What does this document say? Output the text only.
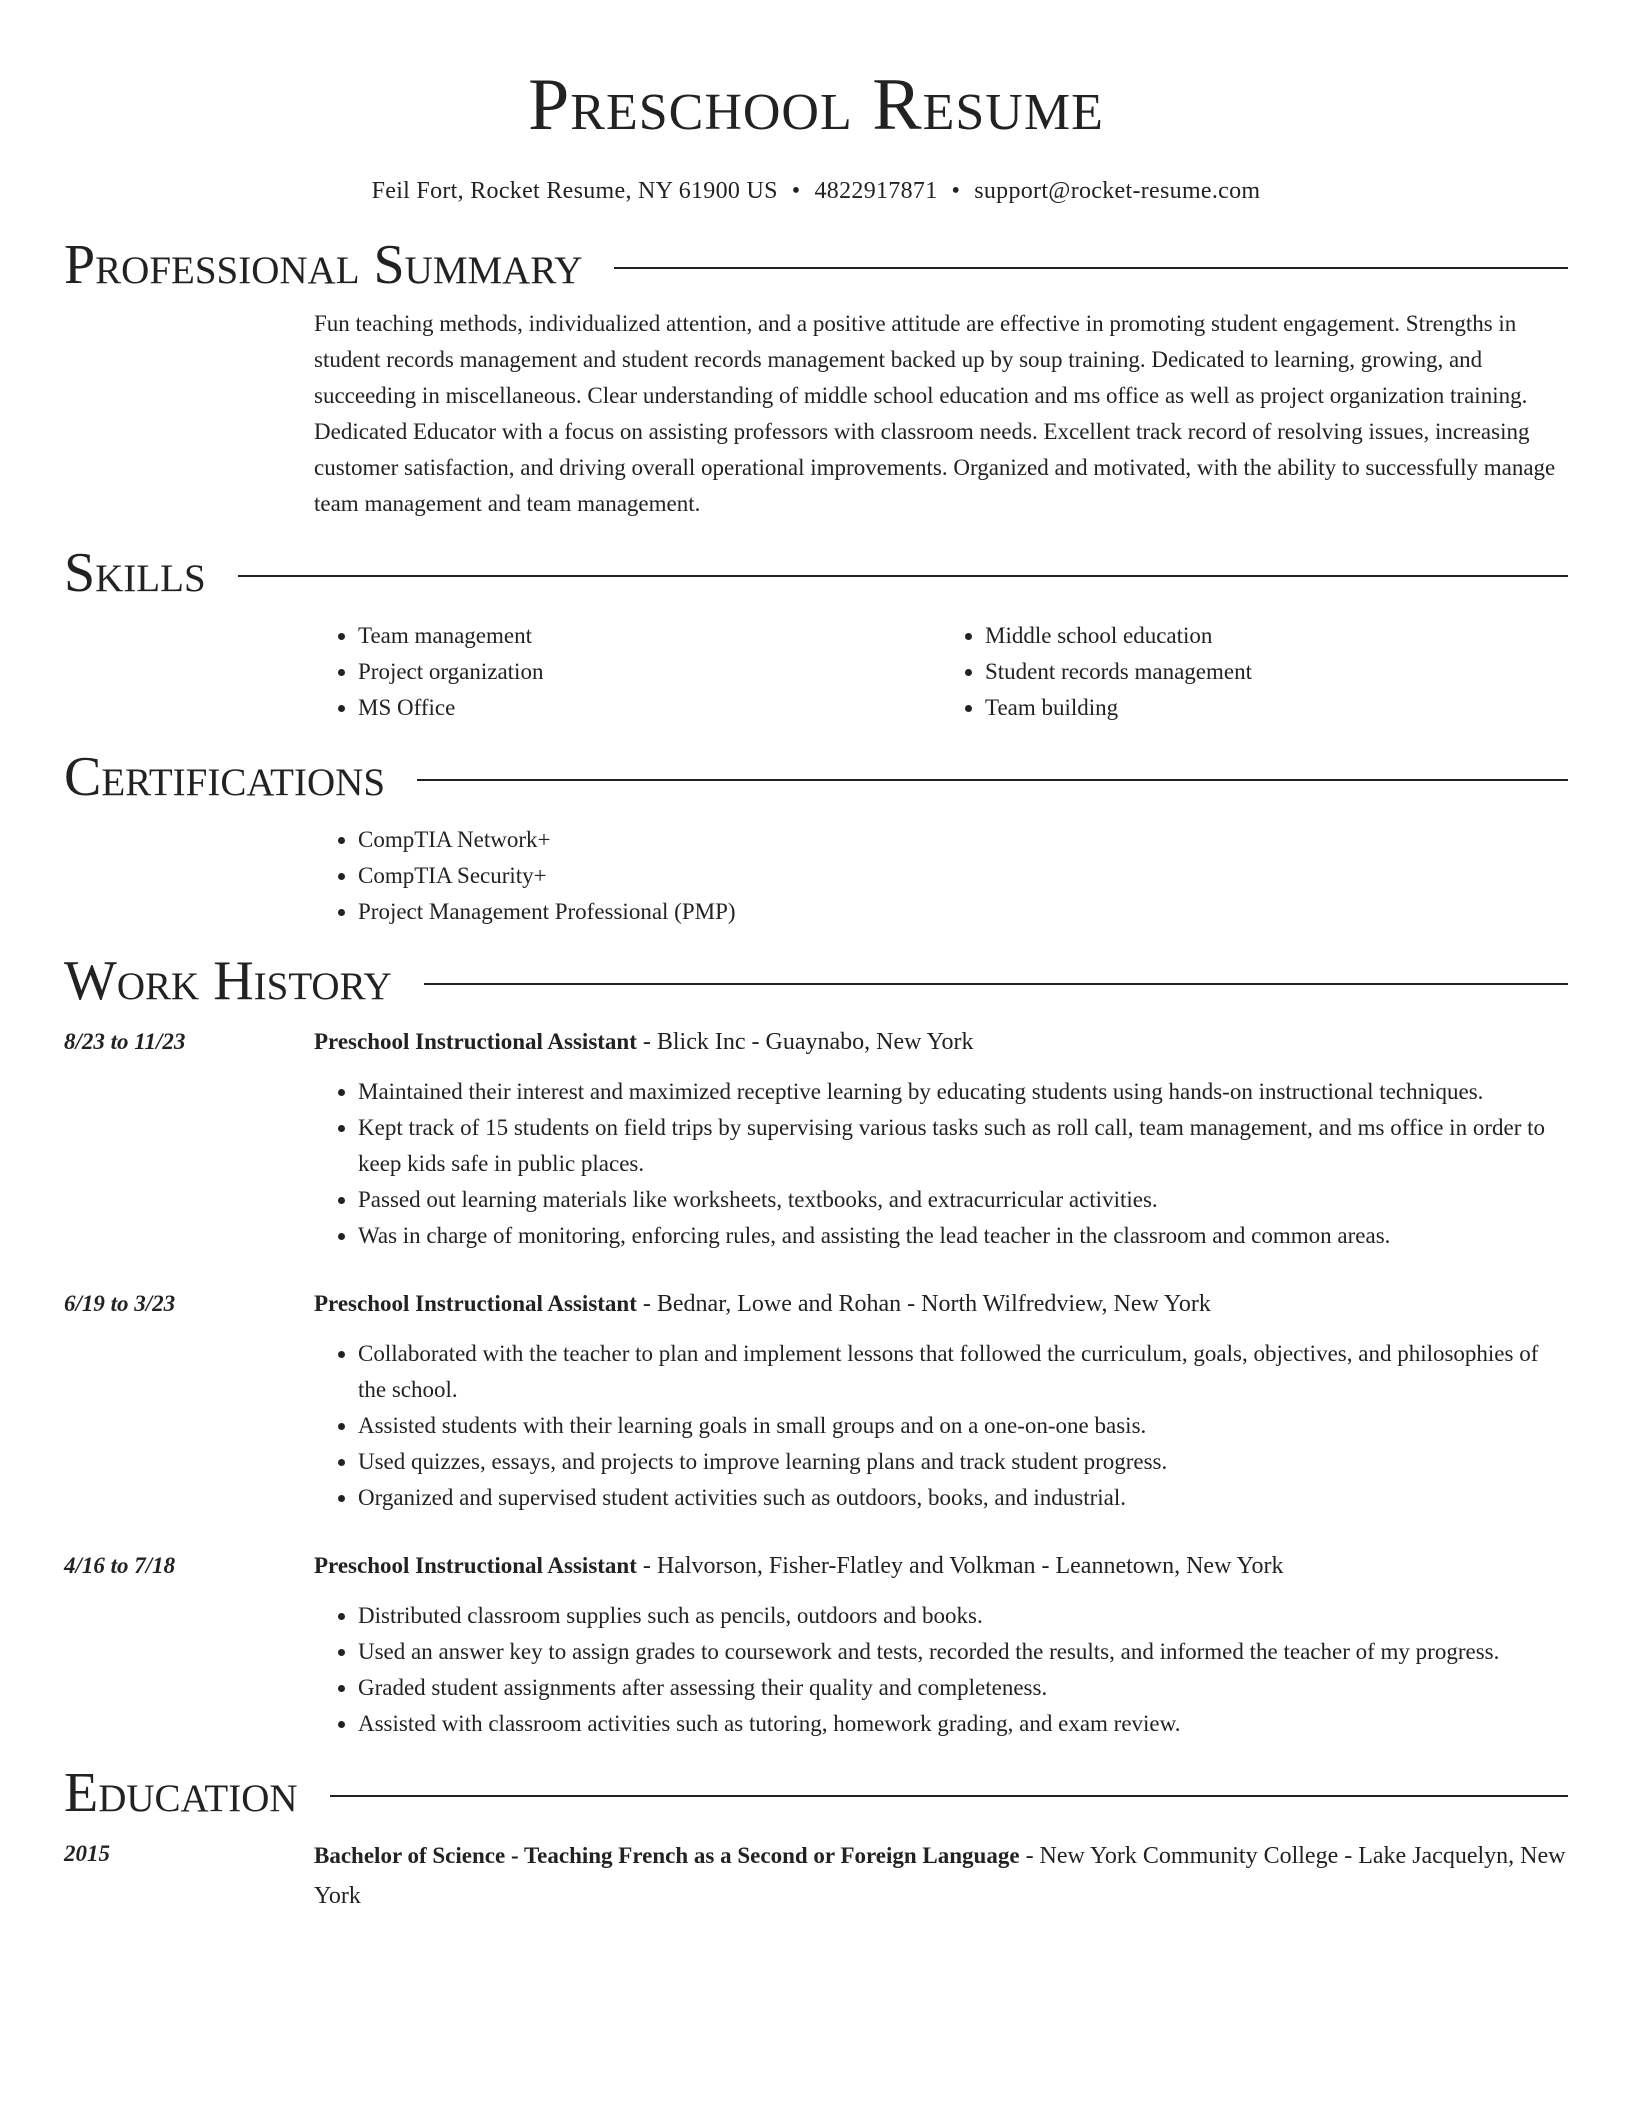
Preschool Resume
Feil Fort, Rocket Resume, NY 61900 US • 4822917871 • support@rocket-resume.com
Professional Summary

Fun teaching methods, individualized attention, and a positive attitude are effective in promoting student engagement. Strengths in student records management and student records management backed up by soup training. Dedicated to learning, growing, and succeeding in miscellaneous. Clear understanding of middle school education and ms office as well as project organization training. Dedicated Educator with a focus on assisting professors with classroom needs. Excellent track record of resolving issues, increasing customer satisfaction, and driving overall operational improvements. Organized and motivated, with the ability to successfully manage team management and team management.

Skills
• Team management
• Project organization
• MS Office
• Middle school education
• Student records management
• Team building
Certifications
• CompTIA Network+
• CompTIA Security+
• Project Management Professional (PMP)
Work History
8/23 to 11/23	Preschool Instructional Assistant - Blick Inc - Guaynabo, New York
• Maintained their interest and maximized receptive learning by educating students using hands-on instructional techniques.
• Kept track of 15 students on field trips by supervising various tasks such as roll call, team management, and ms office in order to keep kids safe in public places.
• Passed out learning materials like worksheets, textbooks, and extracurricular activities.
• Was in charge of monitoring, enforcing rules, and assisting the lead teacher in the classroom and common areas.
6/19 to 3/23	Preschool Instructional Assistant - Bednar, Lowe and Rohan - North Wilfredview, New York
• Collaborated with the teacher to plan and implement lessons that followed the curriculum, goals, objectives, and philosophies of the school.
• Assisted students with their learning goals in small groups and on a one-on-one basis.
• Used quizzes, essays, and projects to improve learning plans and track student progress.
• Organized and supervised student activities such as outdoors, books, and industrial.
4/16 to 7/18	Preschool Instructional Assistant - Halvorson, Fisher-Flatley and Volkman - Leannetown, New York
• Distributed classroom supplies such as pencils, outdoors and books.
• Used an answer key to assign grades to coursework and tests, recorded the results, and informed the teacher of my progress.
• Graded student assignments after assessing their quality and completeness.
• Assisted with classroom activities such as tutoring, homework grading, and exam review.
Education
2015	Bachelor of Science - Teaching French as a Second or Foreign Language - New York Community College - Lake Jacquelyn, New York
